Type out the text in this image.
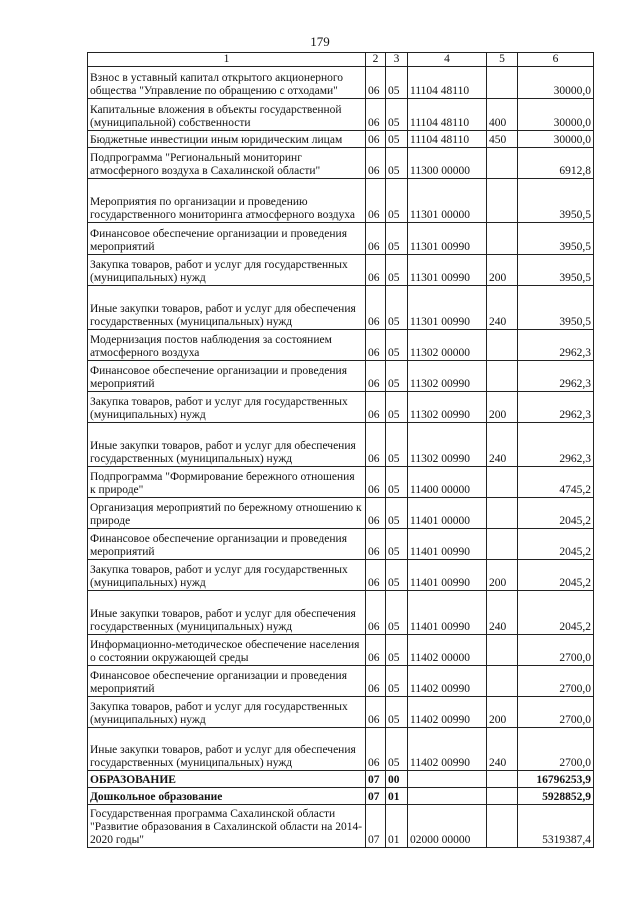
179
1	2	3	4	5	6
Взнос в уставный капитал открытого акционерного общества "Управление по обращению с отходами"	06	05	11104 48110		30000,0
Капитальные вложения в объекты государственной (муниципальной) собственности	06	05	11104 48110	400	30000,0
Бюджетные инвестиции иным юридическим лицам	06	05	11104 48110	450	30000,0
Подпрограмма "Региональный мониторинг атмосферного воздуха в Сахалинской области"	06	05	11300 00000		6912,8
Мероприятия по организации и проведению государственного мониторинга атмосферного воздуха	06	05	11301 00000		3950,5
Финансовое обеспечение организации и проведения мероприятий	06	05	11301 00990		3950,5
Закупка товаров, работ и услуг для государственных (муниципальных) нужд	06	05	11301 00990	200	3950,5
Иные закупки товаров, работ и услуг для обеспечения государственных (муниципальных) нужд	06	05	11301 00990	240	3950,5
Модернизация постов наблюдения за состоянием атмосферного воздуха	06	05	11302 00000		2962,3
Финансовое обеспечение организации и проведения мероприятий	06	05	11302 00990		2962,3
Закупка товаров, работ и услуг для государственных (муниципальных) нужд	06	05	11302 00990	200	2962,3
Иные закупки товаров, работ и услуг для обеспечения государственных (муниципальных) нужд	06	05	11302 00990	240	2962,3
Подпрограмма "Формирование бережного отношения к природе"	06	05	11400 00000		4745,2
Организация мероприятий по бережному отношению к природе	06	05	11401 00000		2045,2
Финансовое обеспечение организации и проведения мероприятий	06	05	11401 00990		2045,2
Закупка товаров, работ и услуг для государственных (муниципальных) нужд	06	05	11401 00990	200	2045,2
Иные закупки товаров, работ и услуг для обеспечения государственных (муниципальных) нужд	06	05	11401 00990	240	2045,2
Информационно-методическое обеспечение населения о состоянии окружающей среды	06	05	11402 00000		2700,0
Финансовое обеспечение организации и проведения мероприятий	06	05	11402 00990		2700,0
Закупка товаров, работ и услуг для государственных (муниципальных) нужд	06	05	11402 00990	200	2700,0
Иные закупки товаров, работ и услуг для обеспечения государственных (муниципальных) нужд	06	05	11402 00990	240	2700,0
ОБРАЗОВАНИЕ	07	00			16796253,9
Дошкольное образование	07	01			5928852,9
Государственная программа Сахалинской области "Развитие образования в Сахалинской области на 2014-2020 годы"	07	01	02000 00000		5319387,4
